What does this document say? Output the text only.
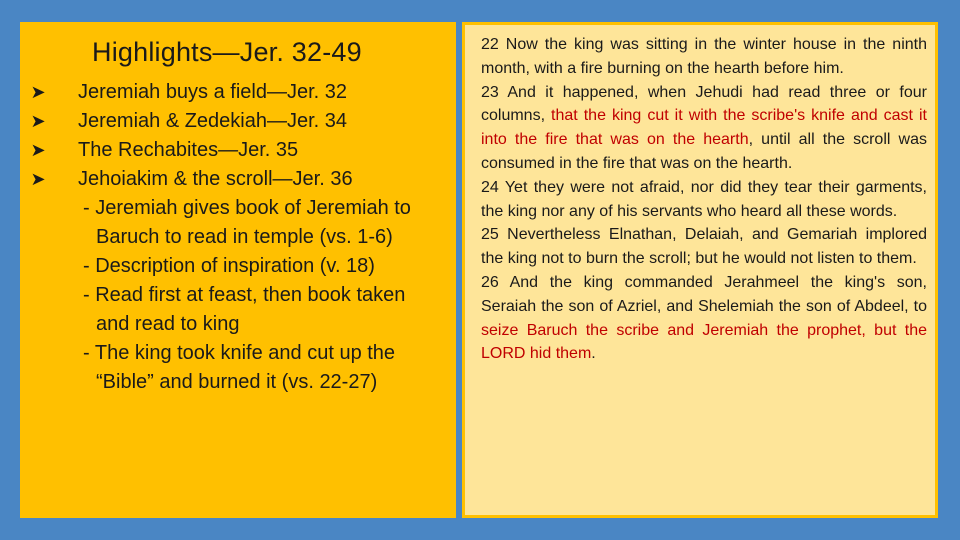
Highlights—Jer. 32-49
➤ Jeremiah buys a field—Jer. 32
➤ Jeremiah & Zedekiah—Jer. 34
➤ The Rechabites—Jer. 35
➤ Jehoiakim & the scroll—Jer. 36
- Jeremiah gives book of Jeremiah to
Baruch to read in temple (vs. 1-6)
- Description of inspiration (v. 18)
- Read first at feast, then book taken
and read to king
- The king took knife and cut up the
“Bible” and burned it (vs. 22-27)

22 Now the king was sitting in the winter house in the ninth month, with a fire burning on the hearth before him.

23 And it happened, when Jehudi had read three or four columns, that the king cut it with the scribe's knife and cast it into the fire that was on the hearth, until all the scroll was consumed in the fire that was on the hearth.

24 Yet they were not afraid, nor did they tear their garments, the king nor any of his servants who heard all these words.

25 Nevertheless Elnathan, Delaiah, and Gemariah implored the king not to burn the scroll; but he would not listen to them.

26 And the king commanded Jerahmeel the king's son, Seraiah the son of Azriel, and Shelemiah the son of Abdeel, to seize Baruch the scribe and Jeremiah the prophet, but the LORD hid them.
